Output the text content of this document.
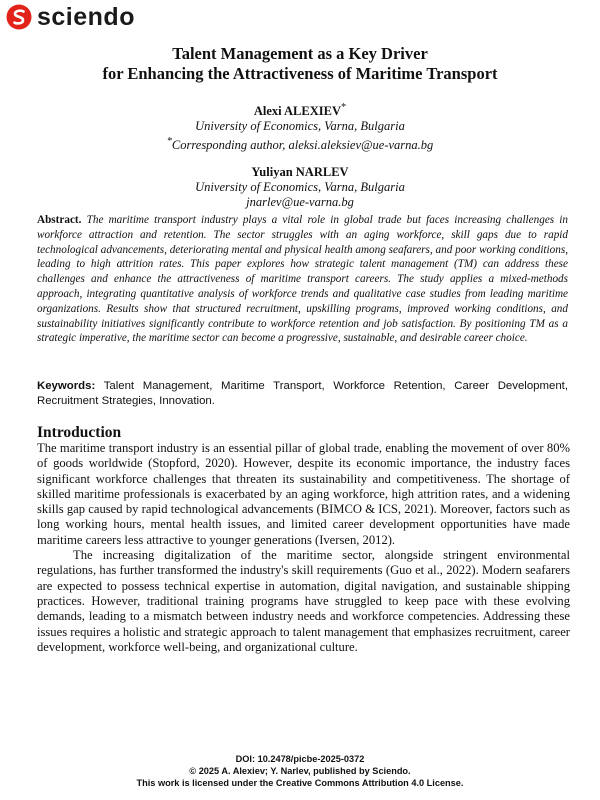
sciendo
Talent Management as a Key Driver
for Enhancing the Attractiveness of Maritime Transport
Alexi ALEXIEV*
University of Economics, Varna, Bulgaria
*Corresponding author, aleksi.aleksiev@ue-varna.bg
Yuliyan NARLEV
University of Economics, Varna, Bulgaria
jnarlev@ue-varna.bg
Abstract. The maritime transport industry plays a vital role in global trade but faces increasing challenges in workforce attraction and retention. The sector struggles with an aging workforce, skill gaps due to rapid technological advancements, deteriorating mental and physical health among seafarers, and poor working conditions, leading to high attrition rates. This paper explores how strategic talent management (TM) can address these challenges and enhance the attractiveness of maritime transport careers. The study applies a mixed-methods approach, integrating quantitative analysis of workforce trends and qualitative case studies from leading maritime organizations. Results show that structured recruitment, upskilling programs, improved working conditions, and sustainability initiatives significantly contribute to workforce retention and job satisfaction. By positioning TM as a strategic imperative, the maritime sector can become a progressive, sustainable, and desirable career choice.
Keywords: Talent Management, Maritime Transport, Workforce Retention, Career Development, Recruitment Strategies, Innovation.
Introduction

The maritime transport industry is an essential pillar of global trade, enabling the movement of over 80% of goods worldwide (Stopford, 2020). However, despite its economic importance, the industry faces significant workforce challenges that threaten its sustainability and competitiveness. The shortage of skilled maritime professionals is exacerbated by an aging workforce, high attrition rates, and a widening skills gap caused by rapid technological advancements (BIMCO & ICS, 2021). Moreover, factors such as long working hours, mental health issues, and limited career development opportunities have made maritime careers less attractive to younger generations (Iversen, 2012).

The increasing digitalization of the maritime sector, alongside stringent environmental regulations, has further transformed the industry's skill requirements (Guo et al., 2022). Modern seafarers are expected to possess technical expertise in automation, digital navigation, and sustainable shipping practices. However, traditional training programs have struggled to keep pace with these evolving demands, leading to a mismatch between industry needs and workforce competencies. Addressing these issues requires a holistic and strategic approach to talent management that emphasizes recruitment, career development, workforce well-being, and organizational culture.

DOI: 10.2478/picbe-2025-0372
© 2025 A. Alexiev; Y. Narlev, published by Sciendo.
This work is licensed under the Creative Commons Attribution 4.0 License.
